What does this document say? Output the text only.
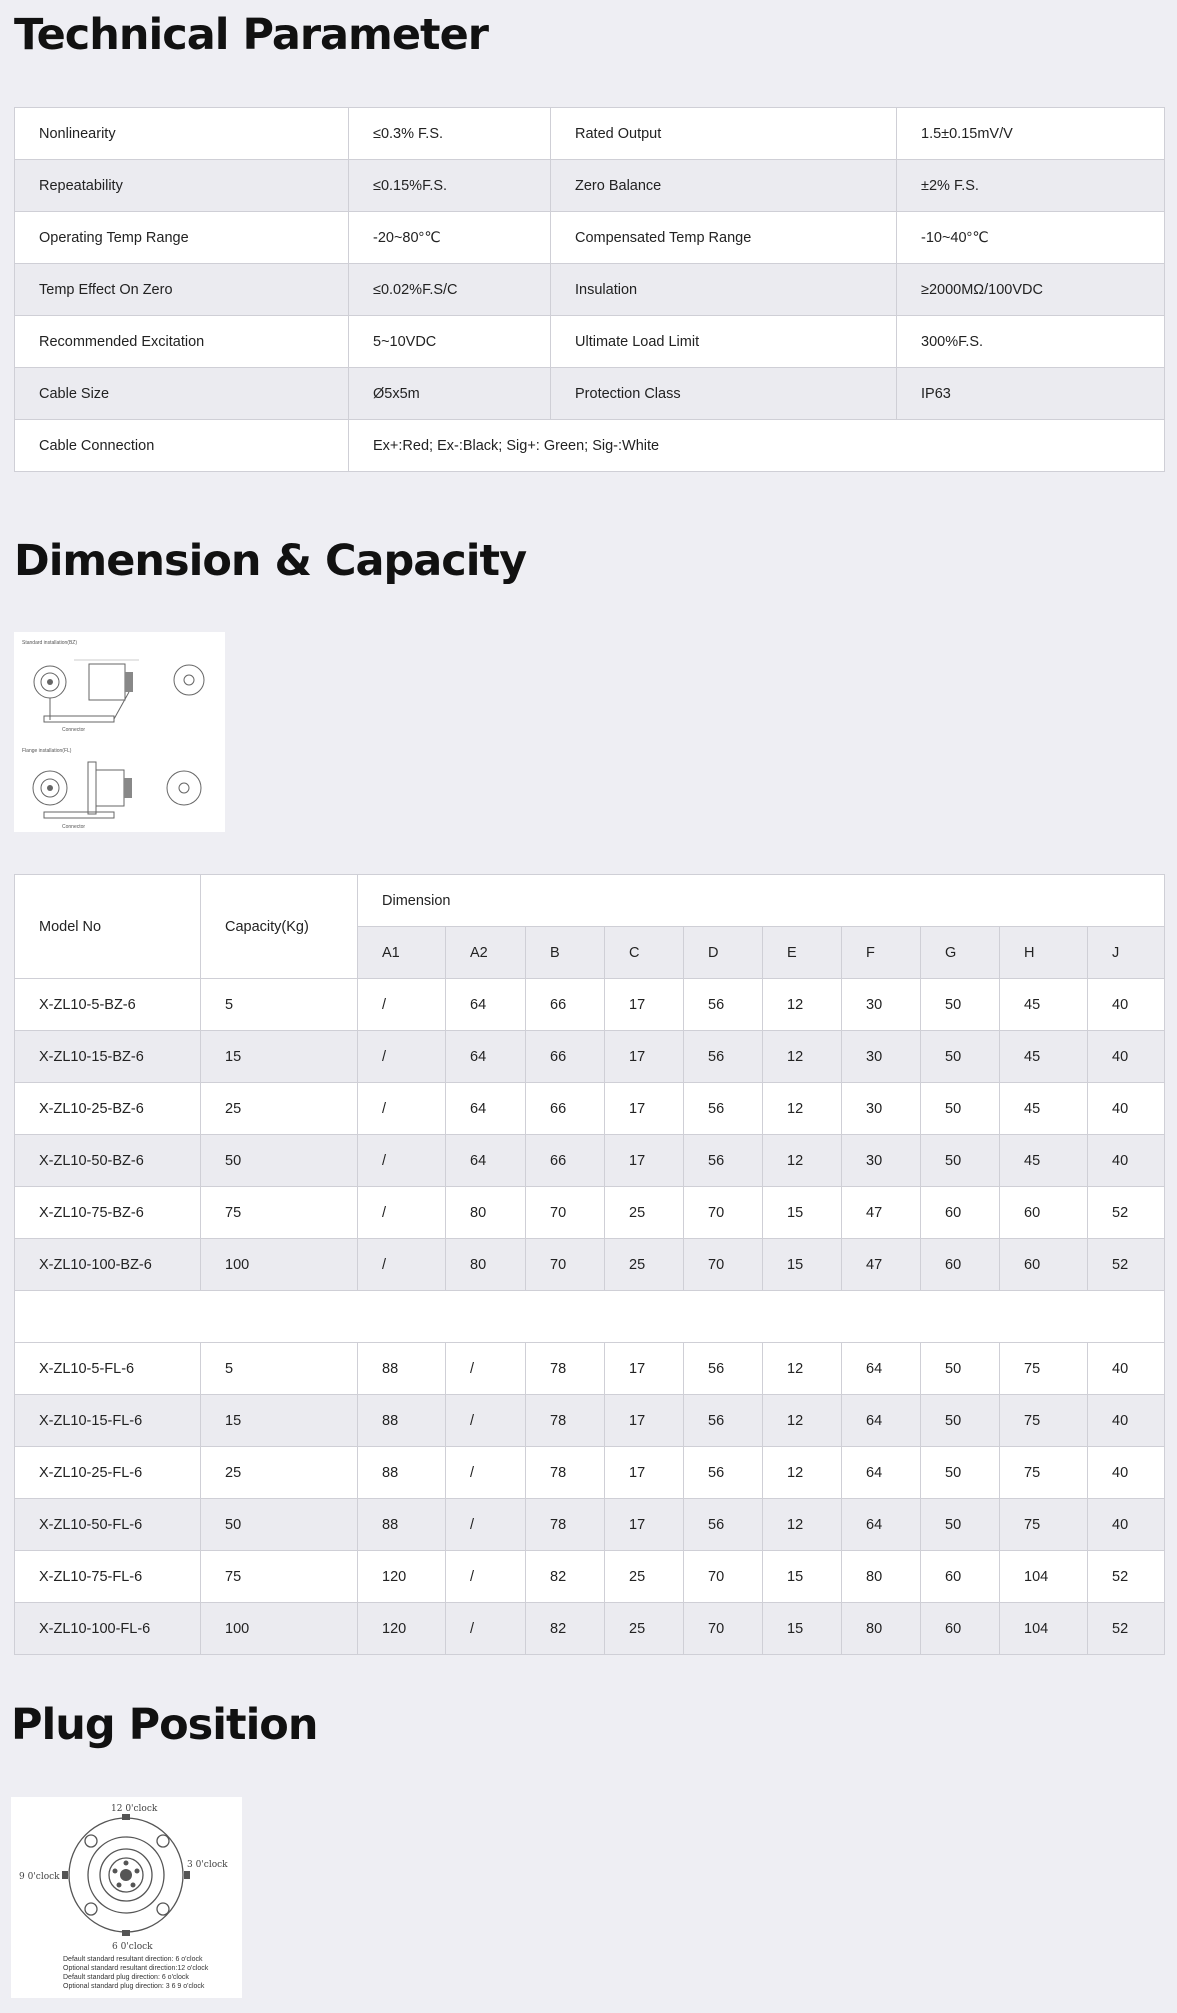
Technical Parameter
Nonlinearity	≤0.3% F.S.	Rated Output	1.5±0.15mV/V
Repeatability	≤0.15%F.S.	Zero Balance	±2% F.S.
Operating Temp Range	-20~80°℃	Compensated Temp Range	-10~40°℃
Temp Effect On Zero	≤0.02%F.S/C	Insulation	≥2000MΩ/100VDC
Recommended Excitation	5~10VDC	Ultimate Load Limit	300%F.S.
Cable Size	Ø5x5m	Protection Class	IP63
Cable Connection	Ex+:Red; Ex-:Black; Sig+: Green; Sig-:White		
Dimension & Capacity
Standard installation(BZ)
Connector
Flange installation(FL)
Connector
Model No	Capacity(Kg)	Dimension									
		A1	A2	B	C	D	E	F	G	H	J
X-ZL10-5-BZ-6	5	/	64	66	17	56	12	30	50	45	40
X-ZL10-15-BZ-6	15	/	64	66	17	56	12	30	50	45	40
X-ZL10-25-BZ-6	25	/	64	66	17	56	12	30	50	45	40
X-ZL10-50-BZ-6	50	/	64	66	17	56	12	30	50	45	40
X-ZL10-75-BZ-6	75	/	80	70	25	70	15	47	60	60	52
X-ZL10-100-BZ-6	100	/	80	70	25	70	15	47	60	60	52

X-ZL10-5-FL-6	5	88	/	78	17	56	12	64	50	75	40
X-ZL10-15-FL-6	15	88	/	78	17	56	12	64	50	75	40
X-ZL10-25-FL-6	25	88	/	78	17	56	12	64	50	75	40
X-ZL10-50-FL-6	50	88	/	78	17	56	12	64	50	75	40
X-ZL10-75-FL-6	75	120	/	82	25	70	15	80	60	104	52
X-ZL10-100-FL-6	100	120	/	82	25	70	15	80	60	104	52
Plug Position
12 0'clock
3 0'clock
6 0'clock
9 0'clock
Default standard resultant direction: 6 o'clock
Optional standard resultant direction:12 o'clock
Default standard plug direction: 6 o'clock
Optional standard plug direction: 3 6 9 o'clock
